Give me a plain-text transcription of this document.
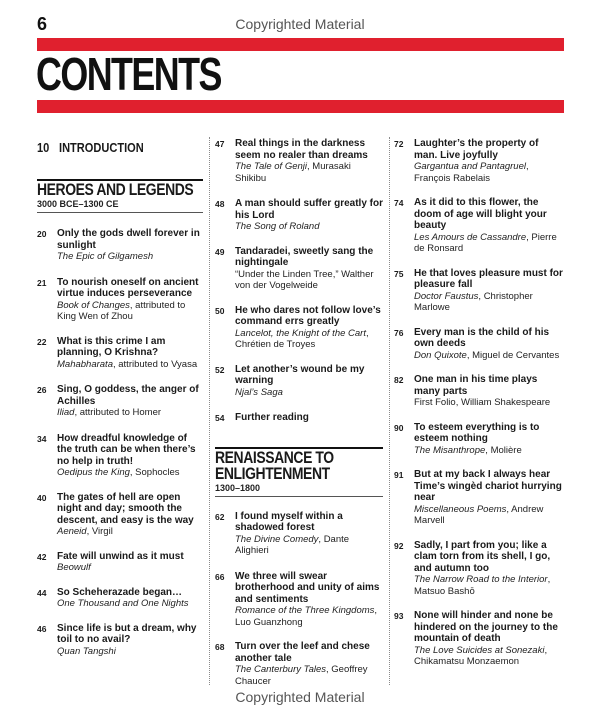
Copyrighted Material
6
CONTENTS
10 INTRODUCTION
HEROES AND LEGENDS
3000 BCE–1300 CE
20	Only the gods dwell forever in sunlight
The Epic of Gilgamesh
21	To nourish oneself on ancient virtue induces perseverance
Book of Changes, attributed to King Wen of Zhou
22	What is this crime I am planning, O Krishna?
Mahabharata, attributed to Vyasa
26	Sing, O goddess, the anger of Achilles
Iliad, attributed to Homer
34	How dreadful knowledge of the truth can be when there’s no help in truth!
Oedipus the King, Sophocles
40	The gates of hell are open night and day; smooth the descent, and easy is the way
Aeneid, Virgil
42	Fate will unwind as it must
Beowulf
44	So Scheherazade began…
One Thousand and One Nights
46	Since life is but a dream, why toil to no avail?
Quan Tangshi
47	Real things in the darkness seem no realer than dreams
The Tale of Genji, Murasaki Shikibu
48	A man should suffer greatly for his Lord
The Song of Roland
49	Tandaradei, sweetly sang the nightingale
“Under the Linden Tree,” Walther von der Vogelweide
50	He who dares not follow love’s command errs greatly
Lancelot, the Knight of the Cart, Chrétien de Troyes
52	Let another’s wound be my warning
Njal’s Saga
54	Further reading
RENAISSANCE TO
ENLIGHTENMENT
1300–1800
62	I found myself within a shadowed forest
The Divine Comedy, Dante Alighieri
66	We three will swear brotherhood and unity of aims and sentiments
Romance of the Three Kingdoms, Luo Guanzhong
68	Turn over the leef and chese another tale
The Canterbury Tales, Geoffrey Chaucer
72	Laughter’s the property of man. Live joyfully
Gargantua and Pantagruel, François Rabelais
74	As it did to this flower, the doom of age will blight your beauty
Les Amours de Cassandre, Pierre de Ronsard
75	He that loves pleasure must for pleasure fall
Doctor Faustus, Christopher Marlowe
76	Every man is the child of his own deeds
Don Quixote, Miguel de Cervantes
82	One man in his time plays many parts
First Folio, William Shakespeare
90	To esteem everything is to esteem nothing
The Misanthrope, Molière
91	But at my back I always hear Time’s wingèd chariot hurrying near
Miscellaneous Poems, Andrew Marvell
92	Sadly, I part from you; like a clam torn from its shell, I go, and autumn too
The Narrow Road to the Interior, Matsuo Bashō
93	None will hinder and none be hindered on the journey to the mountain of death
The Love Suicides at Sonezaki, Chikamatsu Monzaemon
Copyrighted Material
